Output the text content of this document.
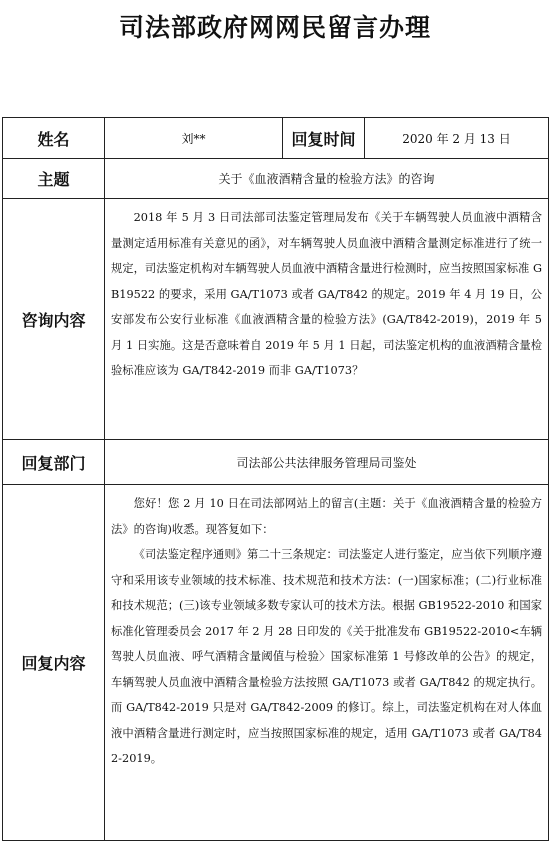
司法部政府网网民留言办理
姓名	刘**	回复时间	2020 年 2 月 13 日
主题	关于《血液酒精含量的检验方法》的咨询		
咨询内容	2018 年 5 月 3 日司法部司法鉴定管理局发布《关于车辆驾驶人员血液中酒精含量测定适用标准有关意见的函》，对车辆驾驶人员血液中酒精含量测定标准进行了统一规定，司法鉴定机构对车辆驾驶人员血液中酒精含量进行检测时，应当按照国家标准 GB19522 的要求，采用 GA/T1073 或者 GA/T842 的规定。2019 年 4 月 19 日，公安部发布公安行业标准《血液酒精含量的检验方法》(GA/T842-2019)，2019 年 5 月 1 日实施。这是否意味着自 2019 年 5 月 1 日起，司法鉴定机构的血液酒精含量检验标准应该为 GA/T842-2019 而非 GA/T1073？		

回复部门	司法部公共法律服务管理局司鉴处		
回复内容	您好！您 2 月 10 日在司法部网站上的留言(主题：关于《血液酒精含量的检验方法》的咨询)收悉。现答复如下：

《司法鉴定程序通则》第二十三条规定：司法鉴定人进行鉴定，应当依下列顺序遵守和采用该专业领域的技术标准、技术规范和技术方法：(一)国家标准；(二)行业标准和技术规范；(三)该专业领域多数专家认可的技术方法。根据 GB19522-2010 和国家标准化管理委员会 2017 年 2 月 28 日印发的《关于批准发布 GB19522-2010<车辆驾驶人员血液、呼气酒精含量阈值与检验〉国家标准第 1 号修改单的公告》的规定，车辆驾驶人员血液中酒精含量检验方法按照 GA/T1073 或者 GA/T842 的规定执行。而 GA/T842-2019 只是对 GA/T842-2009 的修订。综上，司法鉴定机构在对人体血液中酒精含量进行测定时，应当按照国家标准的规定，适用 GA/T1073 或者 GA/T842-2019。		
